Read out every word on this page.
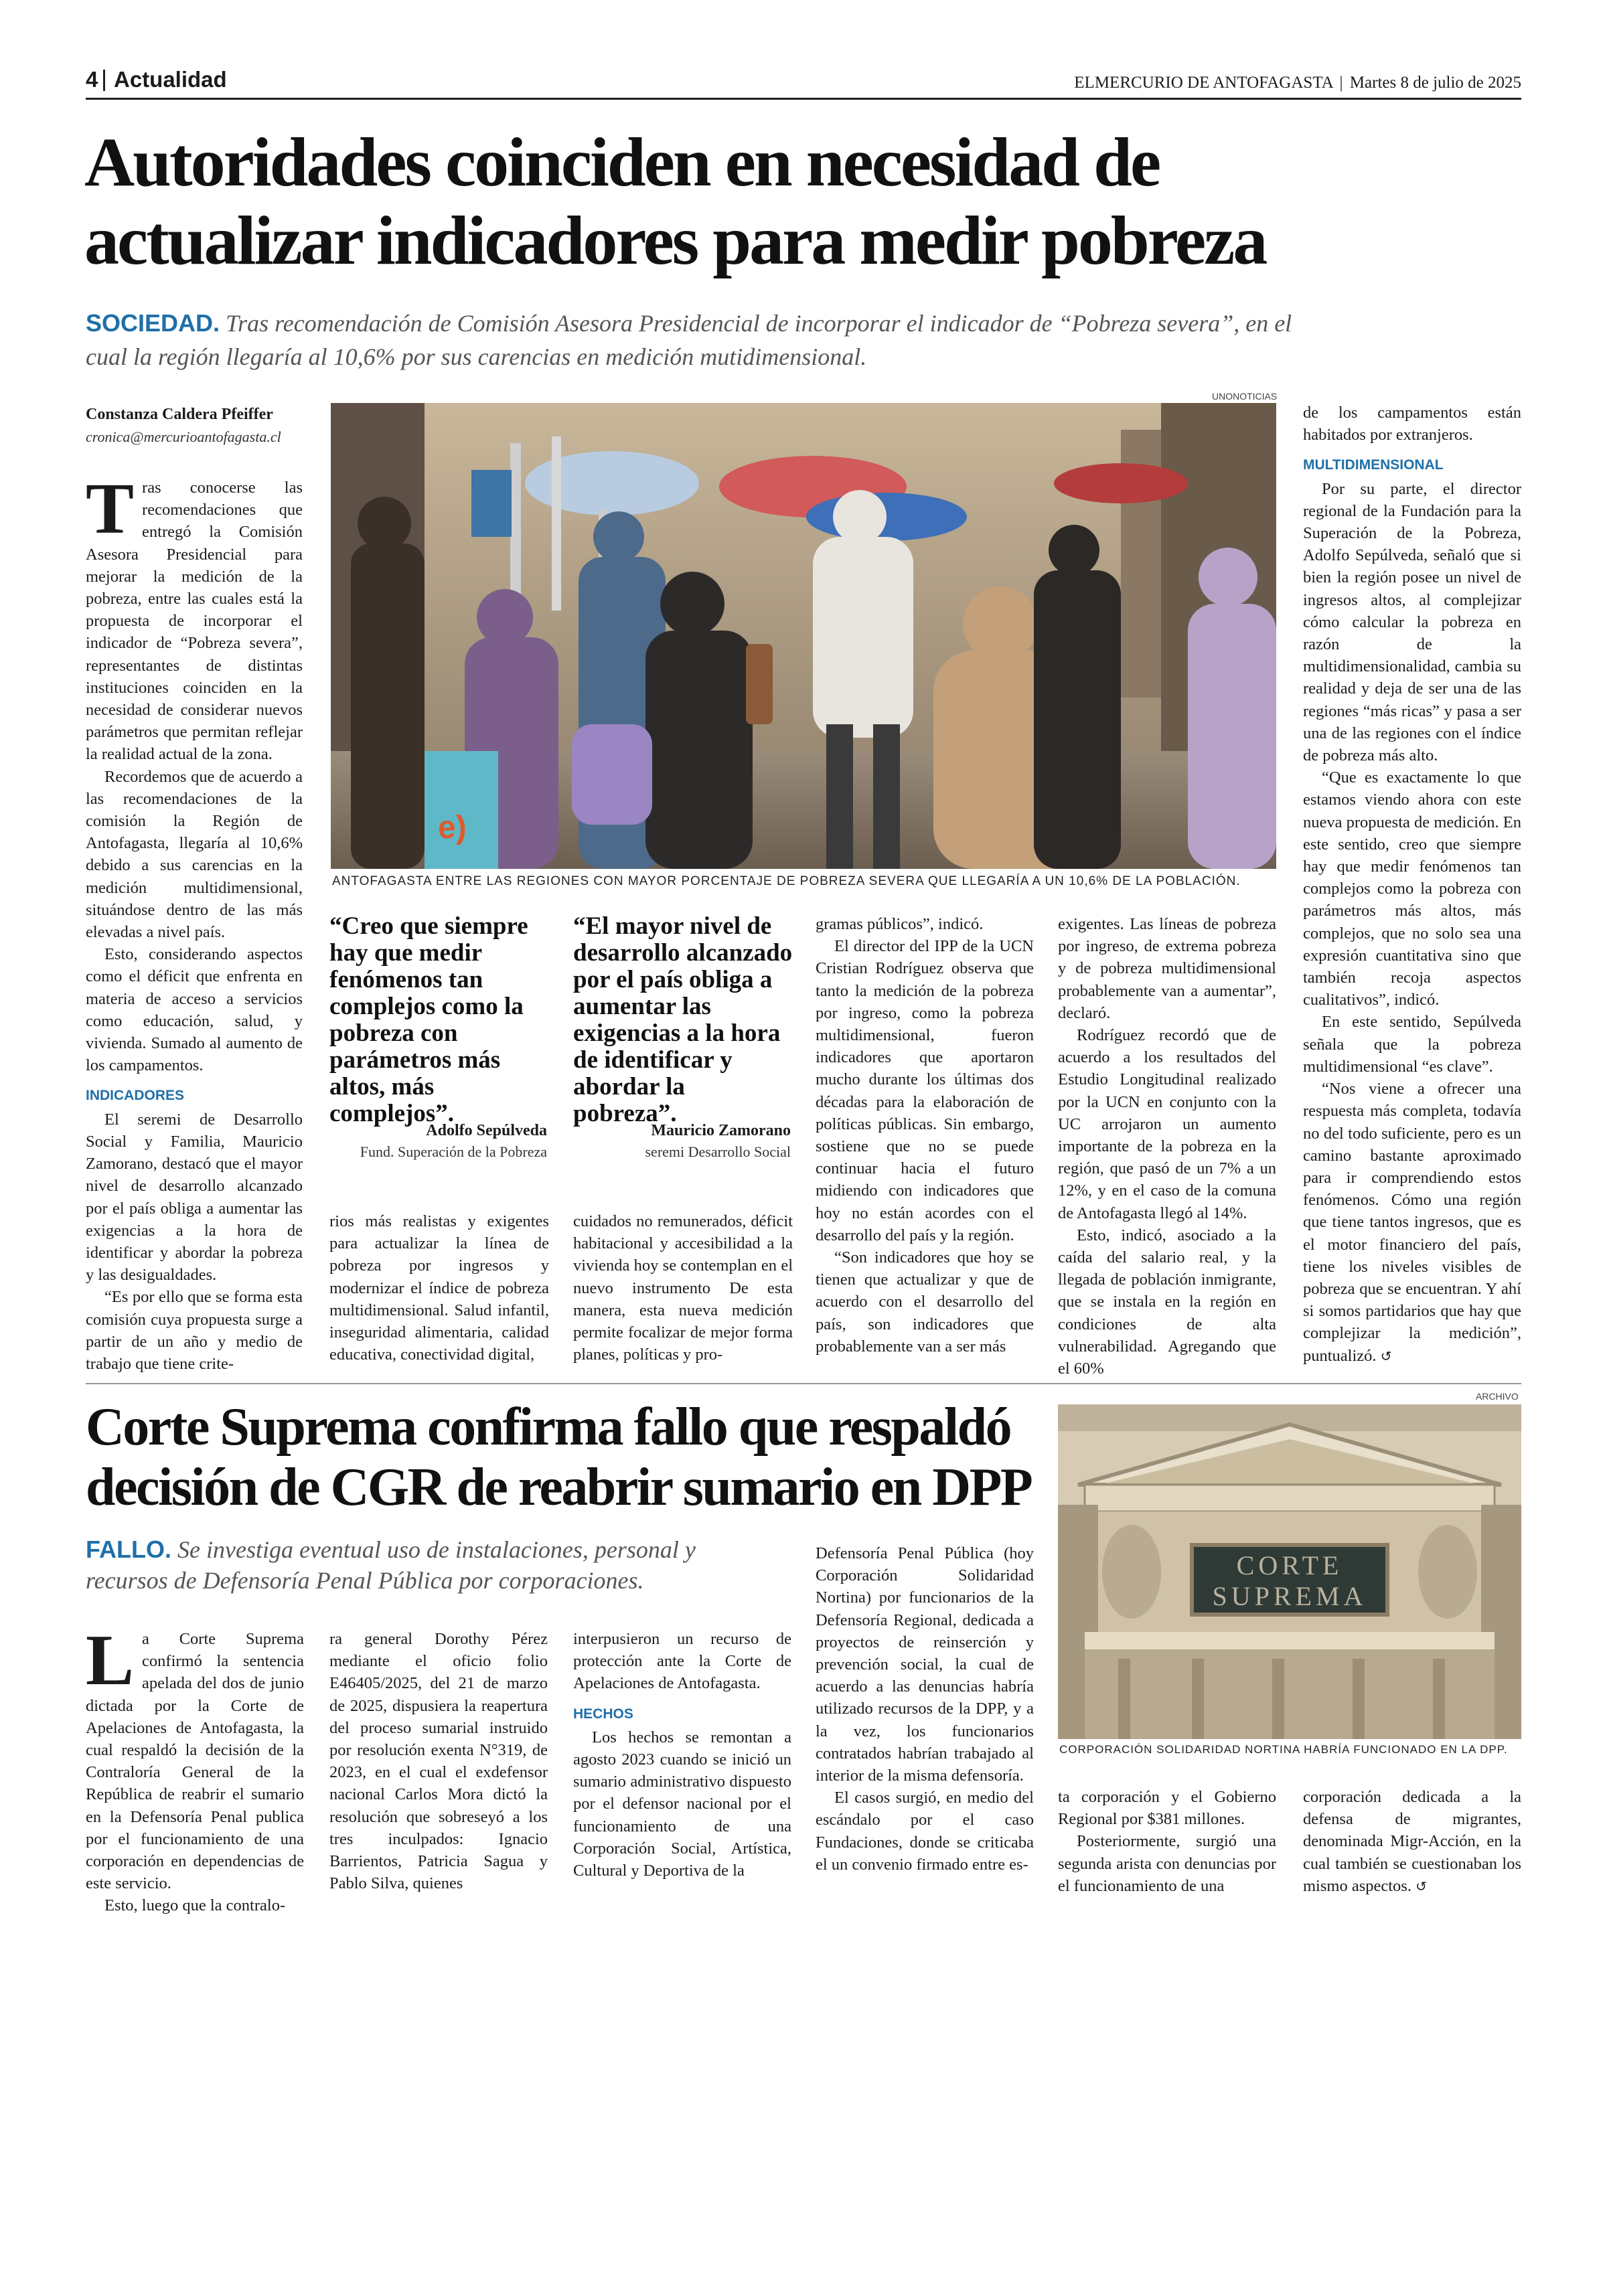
4 Actualidad	ELMERCURIO DE ANTOFAGASTA | Martes 8 de julio de 2025
Autoridades coinciden en necesidad de
actualizar indicadores para medir pobreza
SOCIEDAD. Tras recomendación de Comisión Asesora Presidencial de incorporar el indicador de “Pobreza severa”, en el
cual la región llegaría al 10,6% por sus carencias en medición mutidimensional.
Constanza Caldera Pfeiffer
cronica@mercurioantofagasta.cl
UNONOTICIAS
e)
ANTOFAGASTA ENTRE LAS REGIONES CON MAYOR PORCENTAJE DE POBREZA SEVERA QUE LLEGARÍA A UN 10,6% DE LA POBLACIÓN.

Tras conocerse las recomendaciones que entregó la Comisión Asesora Presidencial para mejorar la medición de la pobreza, entre las cuales está la propuesta de incorporar el indicador de “Pobreza severa”, representantes de distintas instituciones coinciden en la necesidad de considerar nuevos parámetros que permitan reflejar la realidad actual de la zona.

Recordemos que de acuerdo a las recomendaciones de la comisión la Región de Antofagasta, llegaría al 10,6% debido a sus carencias en la medición multidimensional, situándose dentro de las más elevadas a nivel país.

Esto, considerando aspectos como el déficit que enfrenta en materia de acceso a servicios como educación, salud, y vivienda. Sumado al aumento de los campamentos.

INDICADORES

El seremi de Desarrollo Social y Familia, Mauricio Zamorano, destacó que el mayor nivel de desarrollo alcanzado por el país obliga a aumentar las exigencias a la hora de identificar y abordar la pobreza y las desigualdades.

“Es por ello que se forma esta comisión cuya propuesta surge a partir de un año y medio de trabajo que tiene crite-

“Creo que siempre hay que medir fenómenos tan complejos como la pobreza con parámetros más altos, más complejos”.
Adolfo Sepúlveda
Fund. Superación de la Pobreza
“El mayor nivel de desarrollo alcanzado por el país obliga a aumentar las exigencias a la hora de identificar y abordar la pobreza”.
Mauricio Zamorano
seremi Desarrollo Social

rios más realistas y exigentes para actualizar la línea de pobreza por ingresos y modernizar el índice de pobreza multidimensional. Salud infantil, inseguridad alimentaria, calidad educativa, conectividad digital,

cuidados no remunerados, déficit habitacional y accesibilidad a la vivienda hoy se contemplan en el nuevo instrumento De esta manera, esta nueva medición permite focalizar de mejor forma planes, políticas y pro-

gramas públicos”, indicó.

El director del IPP de la UCN Cristian Rodríguez observa que tanto la medición de la pobreza por ingreso, como la pobreza multidimensional, fueron indicadores que aportaron mucho durante los últimas dos décadas para la elaboración de políticas públicas. Sin embargo, sostiene que no se puede continuar hacia el futuro midiendo con indicadores que hoy no están acordes con el desarrollo del país y la región.

“Son indicadores que hoy se tienen que actualizar y que de acuerdo con el desarrollo del país, son indicadores que probablemente van a ser más

exigentes. Las líneas de pobreza por ingreso, de extrema pobreza y de pobreza multidimensional probablemente van a aumentar”, declaró.

Rodríguez recordó que de acuerdo a los resultados del Estudio Longitudinal realizado por la UCN en conjunto con la UC arrojaron un aumento importante de la pobreza en la región, que pasó de un 7% a un 12%, y en el caso de la comuna de Antofagasta llegó al 14%.

Esto, indicó, asociado a la caída del salario real, y la llegada de población inmigrante, que se instala en la región en condiciones de alta vulnerabilidad. Agregando que el 60%

de los campamentos están habitados por extranjeros.

MULTIDIMENSIONAL

Por su parte, el director regional de la Fundación para la Superación de la Pobreza, Adolfo Sepúlveda, señaló que si bien la región posee un nivel de ingresos altos, al complejizar cómo calcular la pobreza en razón de la multidimensionalidad, cambia su realidad y deja de ser una de las regiones “más ricas” y pasa a ser una de las regiones con el índice de pobreza más alto.

“Que es exactamente lo que estamos viendo ahora con este nueva propuesta de medición. En este sentido, creo que siempre hay que medir fenómenos tan complejos como la pobreza con parámetros más altos, más complejos, que no solo sea una expresión cuantitativa sino que también recoja aspectos cualitativos”, indicó.

En este sentido, Sepúlveda señala que la pobreza multidimensional “es clave”.

“Nos viene a ofrecer una respuesta más completa, todavía no del todo suficiente, pero es un camino bastante aproximado para ir comprendiendo estos fenómenos. Cómo una región que tiene tantos ingresos, que es el motor financiero del país, tiene los niveles visibles de pobreza que se encuentran. Y ahí si somos partidarios que hay que complejizar la medición”, puntualizó. ↺

Corte Suprema confirma fallo que respaldó
decisión de CGR de reabrir sumario en DPP
FALLO. Se investiga eventual uso de instalaciones, personal y
recursos de Defensoría Penal Pública por corporaciones.
ARCHIVO
CORTE
SUPREMA
CORPORACIÓN SOLIDARIDAD NORTINA HABRÍA FUNCIONADO EN LA DPP.

La Corte Suprema confirmó la sentencia apelada del dos de junio dictada por la Corte de Apelaciones de Antofagasta, la cual respaldó la decisión de la Contraloría General de la República de reabrir el sumario en la Defensoría Penal publica por el funcionamiento de una corporación en dependencias de este servicio.

Esto, luego que la contralo-

ra general Dorothy Pérez mediante el oficio folio E46405/2025, del 21 de marzo de 2025, dispusiera la reapertura del proceso sumarial instruido por resolución exenta N°319, de 2023, en el cual el exdefensor nacional Carlos Mora dictó la resolución que sobreseyó a los tres inculpados: Ignacio Barrientos, Patricia Sagua y Pablo Silva, quienes

interpusieron un recurso de protección ante la Corte de Apelaciones de Antofagasta.

HECHOS

Los hechos se remontan a agosto 2023 cuando se inició un sumario administrativo dispuesto por el defensor nacional por el funcionamiento de una Corporación Social, Artística, Cultural y Deportiva de la

Defensoría Penal Pública (hoy Corporación Solidaridad Nortina) por funcionarios de la Defensoría Regional, dedicada a proyectos de reinserción y prevención social, la cual de acuerdo a las denuncias habría utilizado recursos de la DPP, y a la vez, los funcionarios contratados habrían trabajado al interior de la misma defensoría.

El casos surgió, en medio del escándalo por el caso Fundaciones, donde se criticaba el un convenio firmado entre es-

ta corporación y el Gobierno Regional por $381 millones.

Posteriormente, surgió una segunda arista con denuncias por el funcionamiento de una

corporación dedicada a la defensa de migrantes, denominada Migr-Acción, en la cual también se cuestionaban los mismo aspectos. ↺
